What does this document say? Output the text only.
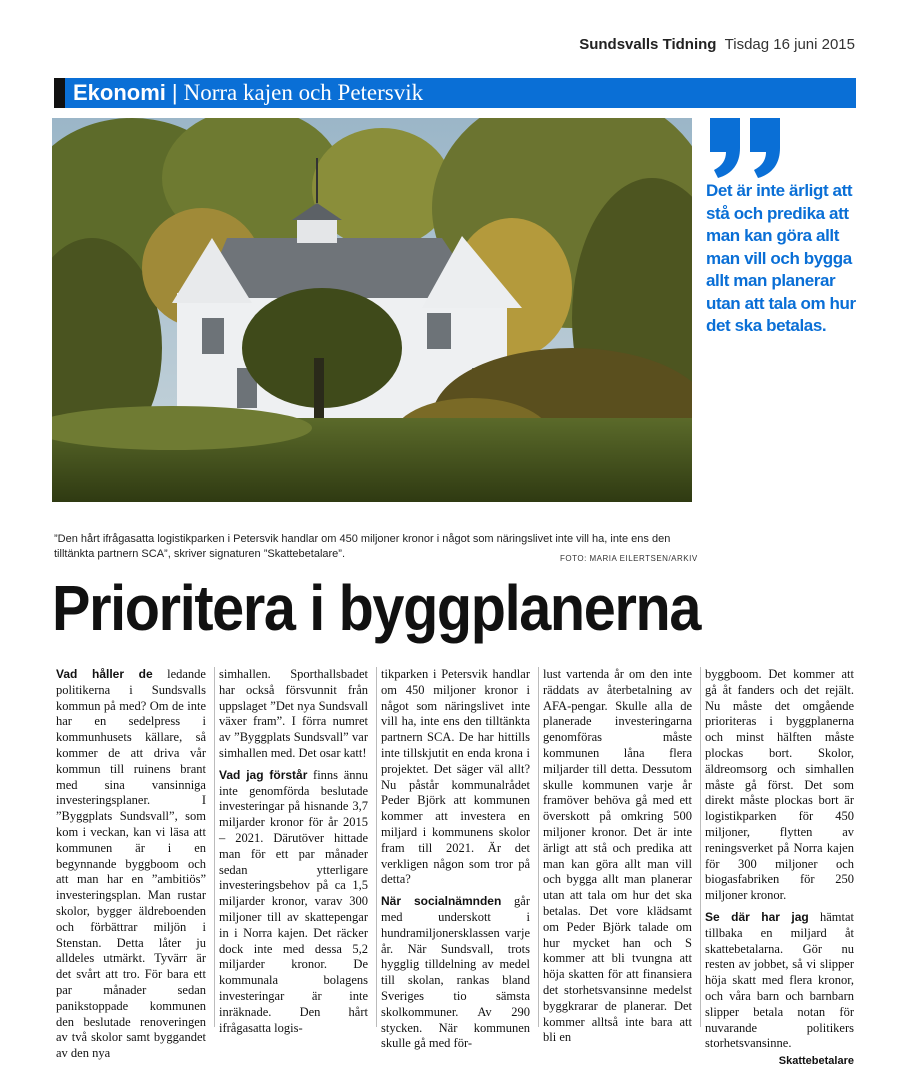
Sundsvalls Tidning Tisdag 16 juni 2015
Ekonomi | Norra kajen och Petersvik
Det är inte ärligt att stå och predika att man kan göra allt man vill och bygga allt man planerar utan att tala om hur det ska betalas.
”Den hårt ifrågasatta logistikparken i Petersvik handlar om 450 miljoner kronor i något som näringslivet inte vill ha, inte ens den tilltänkta partnern SCA”, skriver signaturen ”Skattebetalare”.	FOTO: MARIA EILERTSEN/ARKIV
Prioritera i byggplanerna

Vad håller de ledande politikerna i Sundsvalls kommun på med? Om de inte har en sedelpress i kommunhusets källare, så kommer de att driva vår kommun till ruinens brant med sina vansinniga investeringsplaner. I ”Byggplats Sundsvall”, som kom i veckan, kan vi läsa att kommunen är i en begynnande byggboom och att man har en ”ambitiös” investeringsplan. Man rustar skolor, bygger äldreboenden och förbättrar miljön i Stenstan. Detta låter ju alldeles utmärkt. Tyvärr är det svårt att tro. För bara ett par månader sedan panikstoppade kommunen den beslutade renoveringen av två skolor samt byggandet av den nya

simhallen. Sporthallsbadet har också försvunnit från uppslaget ”Det nya Sundsvall växer fram”. I förra numret av ”Byggplats Sundsvall” var simhallen med. Det osar katt!

Vad jag förstår finns ännu inte genomförda beslutade investeringar på hisnande 3,7 miljarder kronor för år 2015 – 2021. Därutöver hittade man för ett par månader sedan ytterligare investeringsbehov på ca 1,5 miljarder kronor, varav 300 miljoner till av skattepengar in i Norra kajen. Det räcker dock inte med dessa 5,2 miljarder kronor. De kommunala bolagens investeringar är inte inräknade. Den hårt ifrågasatta logis-

tikparken i Petersvik handlar om 450 miljoner kronor i något som näringslivet inte vill ha, inte ens den tilltänkta partnern SCA. De har hittills inte tillskjutit en enda krona i projektet. Det säger väl allt? Nu påstår kommunalrådet Peder Björk att kommunen kommer att investera en miljard i kommunens skolor fram till 2021. Är det verkligen någon som tror på detta?

När socialnämnden går med underskott i hundramiljonersklassen varje år. När Sundsvall, trots hygglig tilldelning av medel till skolan, rankas bland Sveriges tio sämsta skolkommuner. Av 290 stycken. När kommunen skulle gå med för-

lust vartenda år om den inte räddats av återbetalning av AFA-pengar. Skulle alla de planerade investeringarna genomföras måste kommunen låna flera miljarder till detta. Dessutom skulle kommunen varje år framöver behöva gå med ett överskott på omkring 500 miljoner kronor. Det är inte ärligt att stå och predika att man kan göra allt man vill och bygga allt man planerar utan att tala om hur det ska betalas. Det vore klädsamt om Peder Björk talade om hur mycket han och S kommer att bli tvungna att höja skatten för att finansiera det storhetsvansinne medelst byggkrarar de planerar. Det kommer alltså inte bara att bli en

byggboom. Det kommer att gå åt fanders och det rejält. Nu måste det omgående prioriteras i byggplanerna och minst hälften måste plockas bort. Skolor, äldreomsorg och simhallen måste gå först. Det som direkt måste plockas bort är logistikparken för 450 miljoner, flytten av reningsverket på Norra kajen för 300 miljoner och biogasfabriken för 250 miljoner kronor.

Se där har jag hämtat tillbaka en miljard åt skattebetalarna. Gör nu resten av jobbet, så vi slipper höja skatt med flera kronor, och våra barn och barnbarn slipper betala notan för nuvarande politikers storhetsvansinne.

Skattebetalare
